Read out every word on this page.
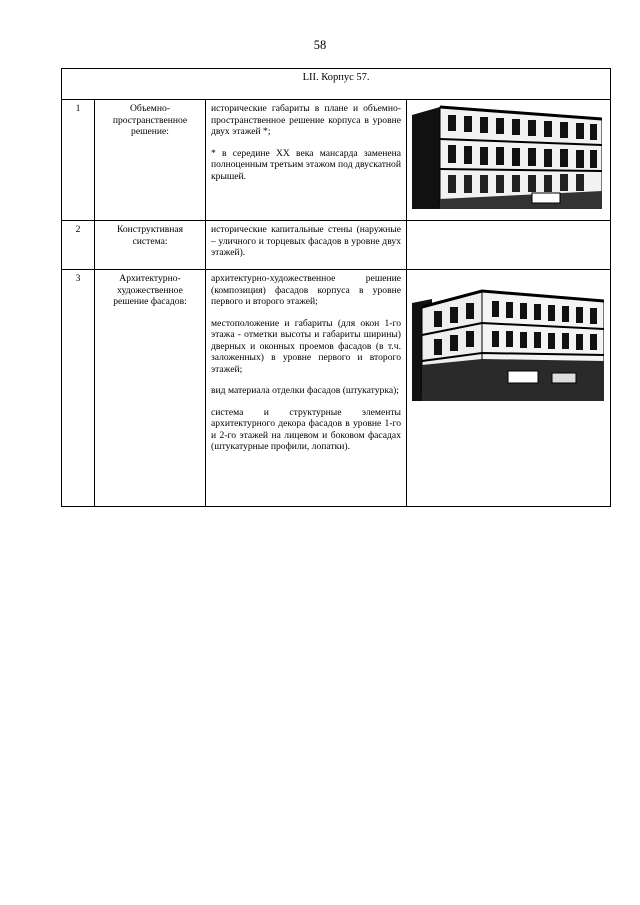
58
LII. Корпус 57.			
1	Объемно-пространственное решение:	исторические габариты в плане и объемно-пространственное решение корпуса в уровне двух этажей *;

* в середине XX века мансарда заменена полноценным третьим этажом под двускатной крышей.

2	Конструктивная система:	исторические капитальные стены (наружные – уличного и торцевых фасадов в уровне двух этажей).	

3	Архитектурно-художественное решение фасадов:	архитектурно-художественное решение (композиция) фасадов корпуса в уровне первого и второго этажей;

местоположение и габариты (для окон 1-го этажа - отметки высоты и габариты ширины) дверных и оконных проемов фасадов (в т.ч. заложенных) в уровне первого и второго этажей;

вид материала отделки фасадов (штукатурка);

система и структурные элементы архитектурного декора фасадов в уровне 1-го и 2-го этажей на лицевом и боковом фасадах (штукатурные профили, лопатки).
